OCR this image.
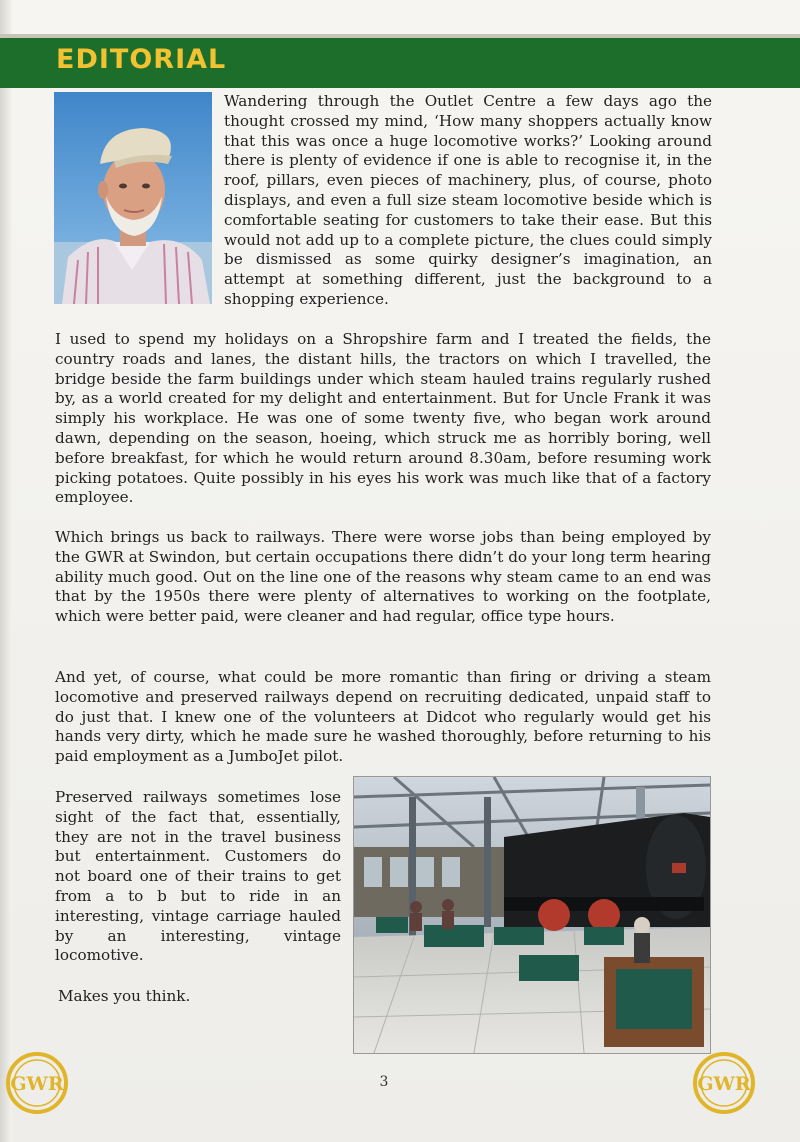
EDITORIAL

Wandering through the Outlet Centre a few days ago the thought crossed my mind, ‘How many shoppers actually know that this was once a huge locomotive works?’ Looking around there is plenty of evidence if one is able to recognise it, in the roof, pillars, even pieces of machinery, plus, of course, photo displays, and even a full size steam locomotive beside which is comfortable seating for customers to take their ease. But this would not add up to a complete picture, the clues could simply be dismissed as some quirky designer’s imagination, an attempt at something different, just the background to a shopping experience.

I used to spend my holidays on a Shropshire farm and I treated the fields, the country roads and lanes, the distant hills, the tractors on which I travelled, the bridge beside the farm buildings under which steam hauled trains regularly rushed by, as a world created for my delight and entertainment. But for Uncle Frank it was simply his workplace. He was one of some twenty five, who began work around dawn, depending on the season, hoeing, which struck me as horribly boring, well before breakfast, for which he would return around 8.30am, before resuming work picking potatoes. Quite possibly in his eyes his work was much like that of a factory employee.

Which brings us back to railways. There were worse jobs than being employed by the GWR at Swindon, but certain occupations there didn’t do your long term hearing ability much good. Out on the line one of the reasons why steam came to an end was that by the 1950s there were plenty of alternatives to working on the footplate, which were better paid, were cleaner and had regular, office type hours.

And yet, of course, what could be more romantic than firing or driving a steam locomotive and preserved railways depend on recruiting dedicated, unpaid staff to do just that. I knew one of the volunteers at Didcot who regularly would get his hands very dirty, which he made sure he washed thoroughly, before returning to his paid employment as a JumboJet pilot.

Preserved railways sometimes lose sight of the fact that, essentially, they are not in the travel business but entertainment. Customers do not board one of their trains to get from a to b but to ride in an interesting, vintage carriage hauled by an interesting, vintage locomotive.

Makes you think.

3
GWR	GWR
